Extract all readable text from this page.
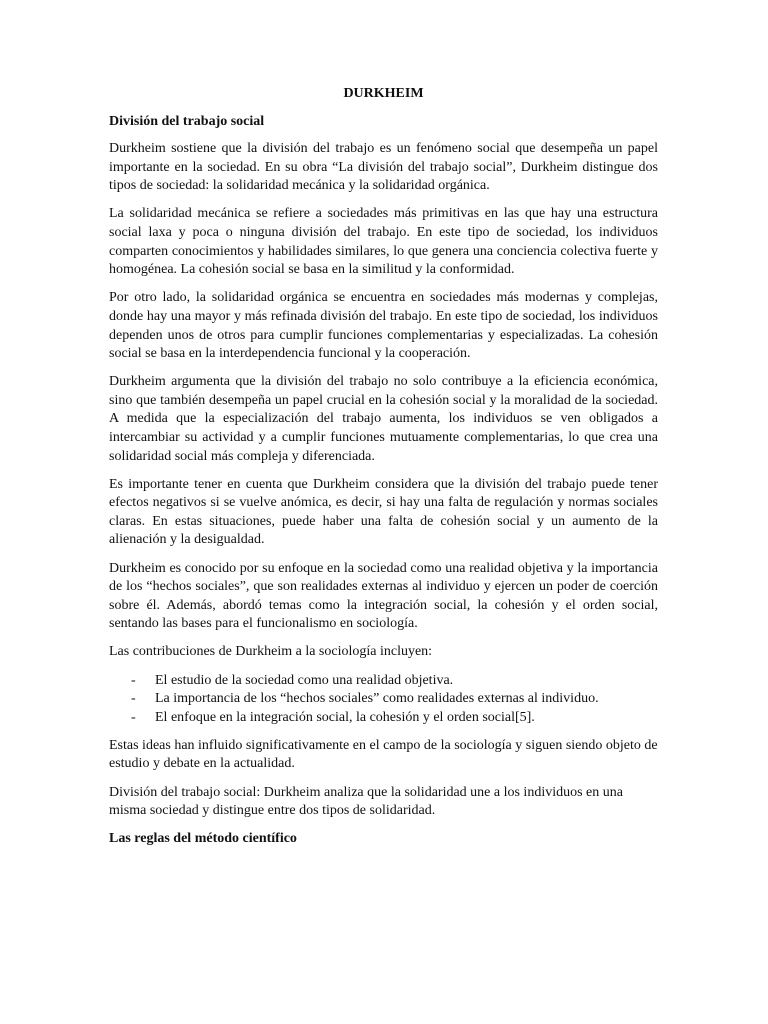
DURKHEIM
División del trabajo social

Durkheim sostiene que la división del trabajo es un fenómeno social que desempeña un papel importante en la sociedad. En su obra “La división del trabajo social”, Durkheim distingue dos tipos de sociedad: la solidaridad mecánica y la solidaridad orgánica.

La solidaridad mecánica se refiere a sociedades más primitivas en las que hay una estructura social laxa y poca o ninguna división del trabajo. En este tipo de sociedad, los individuos comparten conocimientos y habilidades similares, lo que genera una conciencia colectiva fuerte y homogénea. La cohesión social se basa en la similitud y la conformidad.

Por otro lado, la solidaridad orgánica se encuentra en sociedades más modernas y complejas, donde hay una mayor y más refinada división del trabajo. En este tipo de sociedad, los individuos dependen unos de otros para cumplir funciones complementarias y especializadas. La cohesión social se basa en la interdependencia funcional y la cooperación.

Durkheim argumenta que la división del trabajo no solo contribuye a la eficiencia económica, sino que también desempeña un papel crucial en la cohesión social y la moralidad de la sociedad. A medida que la especialización del trabajo aumenta, los individuos se ven obligados a intercambiar su actividad y a cumplir funciones mutuamente complementarias, lo que crea una solidaridad social más compleja y diferenciada.

Es importante tener en cuenta que Durkheim considera que la división del trabajo puede tener efectos negativos si se vuelve anómica, es decir, si hay una falta de regulación y normas sociales claras. En estas situaciones, puede haber una falta de cohesión social y un aumento de la alienación y la desigualdad.

Durkheim es conocido por su enfoque en la sociedad como una realidad objetiva y la importancia de los “hechos sociales”, que son realidades externas al individuo y ejercen un poder de coerción sobre él. Además, abordó temas como la integración social, la cohesión y el orden social, sentando las bases para el funcionalismo en sociología.

Las contribuciones de Durkheim a la sociología incluyen:

- El estudio de la sociedad como una realidad objetiva.
- La importancia de los “hechos sociales” como realidades externas al individuo.
- El enfoque en la integración social, la cohesión y el orden social[5].

Estas ideas han influido significativamente en el campo de la sociología y siguen siendo objeto de estudio y debate en la actualidad.

División del trabajo social: Durkheim analiza que la solidaridad une a los individuos en una misma sociedad y distingue entre dos tipos de solidaridad.

Las reglas del método científico
